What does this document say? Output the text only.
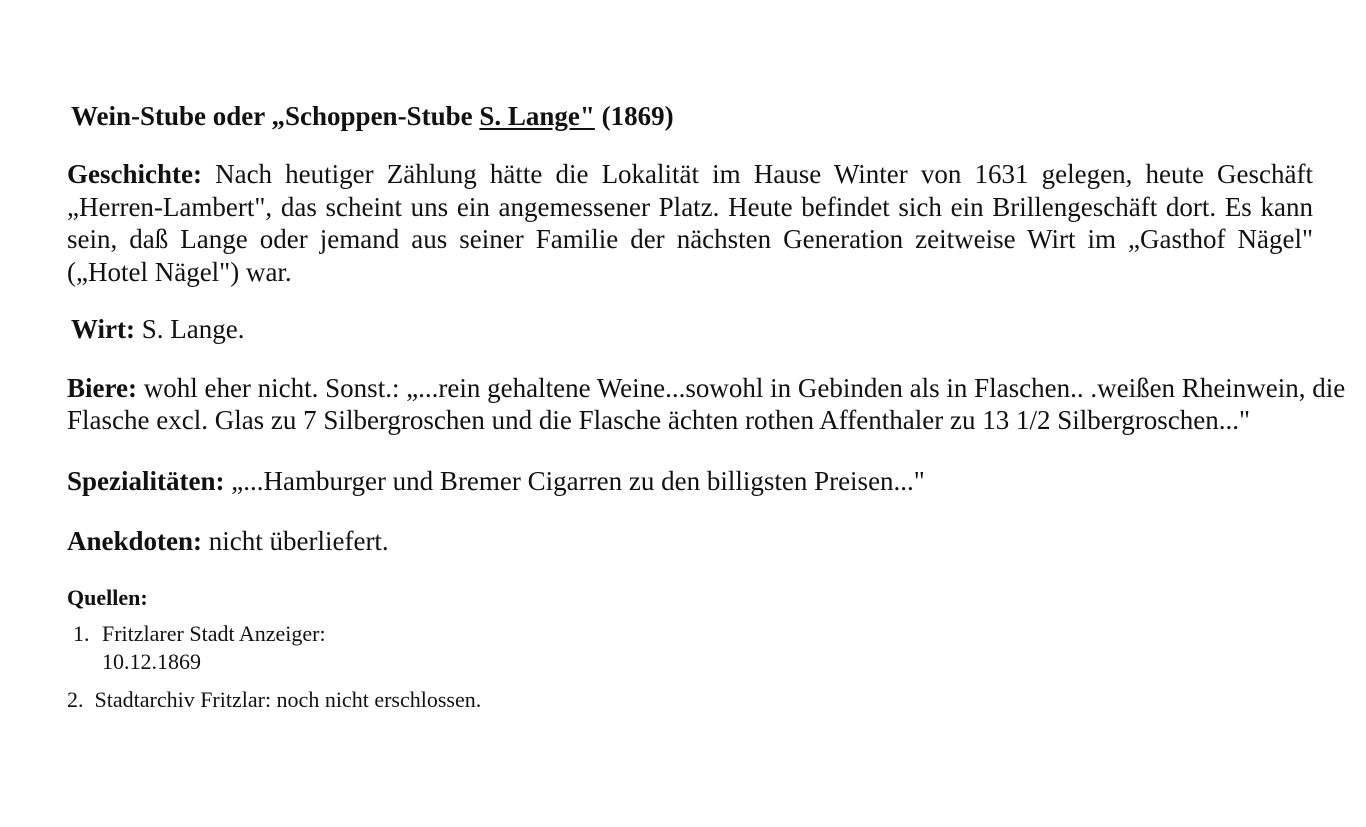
Wein-Stube oder „Schoppen-Stube S. Lange" (1869)

Geschichte: Nach heutiger Zählung hätte die Lokalität im Hause Winter von 1631 gelegen, heute Geschäft „Herren-Lambert", das scheint uns ein angemessener Platz. Heute befindet sich ein Brillengeschäft dort. Es kann sein, daß Lange oder jemand aus seiner Familie der nächsten Generation zeitweise Wirt im „Gasthof Nägel" („Hotel Nägel") war.

Wirt: S. Lange.

Biere: wohl eher nicht. Sonst.: „...rein gehaltene Weine...sowohl in Gebinden als in Flaschen.. .weißen Rheinwein, die
Flasche excl. Glas zu 7 Silbergroschen und die Flasche ächten rothen Affenthaler zu 13 1/2 Silbergroschen..."

Spezialitäten: „...Hamburger und Bremer Cigarren zu den billigsten Preisen..."

Anekdoten: nicht überliefert.

Quellen:
1. Fritzlarer Stadt Anzeiger: 10.12.1869
2. Stadtarchiv Fritzlar: noch nicht erschlossen.
